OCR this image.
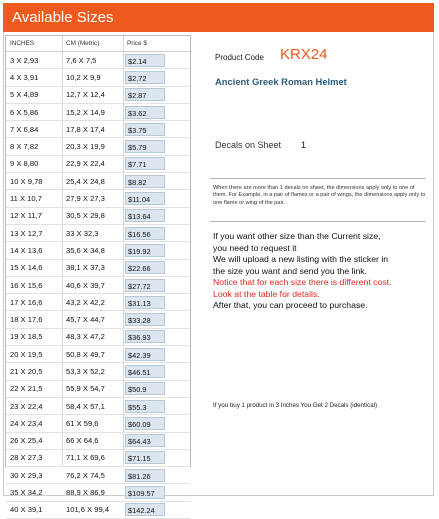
Available Sizes
INCHES	CM (Metric)	Price $
3 X 2,93	7,6 X 7,5	$2.14
4 X 3,91	10,2 X 9,9	$2.72
5 X 4,89	12,7 X 12,4	$2.87
6 X 5,86	15,2 X 14,9	$3.62
7 X 6,84	17,8 X 17,4	$3.75
8 X 7,82	20,3 X 19,9	$5.79
9 X 8,80	22,9 X 22,4	$7.71
10 X 9,78	25,4 X 24,8	$8.82
11 X 10,7	27,9 X 27,3	$11.04
12 X 11,7	30,5 X 29,8	$13.64
13 X 12,7	33 X 32,3	$16.56
14 X 13,6	35,6 X 34,8	$19.92
15 X 14,6	38,1 X 37,3	$22.66
16 X 15,6	40,6 X 39,7	$27.72
17 X 16,6	43,2 X 42,2	$31.13
18 X 17,6	45,7 X 44,7	$33.28
19 X 18,5	48,3 X 47,2	$36.93
20 X 19,5	50,8 X 49,7	$42.39
21 X 20,5	53,3 X 52,2	$46.51
22 X 21,5	55,9 X 54,7	$50.9
23 X 22,4	58,4 X 57,1	$55.3
24 X 23,4	61 X 59,6	$60.09
26 X 25,4	66 X 64,6	$64.43
28 X 27,3	71,1 X 69,6	$71.15
30 X 29,3	76,2 X 74,5	$81.26
35 X 34,2	88,9 X 86,9	$109.57
40 X 39,1	101,6 X 99,4	$142.24
Product Code KRX24
Ancient Greek Roman Helmet
Decals on Sheet 1
When there are more than 1 decals on sheet, the dimensions apply only to one of them. For Example, in a pair of flames or a pair of wings, the dimensions apply only to one flame or wing of the pair.
If you want other size than the Current size,
you need to request it
We will upload a new listing with the sticker in
the size you want and send you the link.
Notice that for each size there is different cost.
Look at the table for details.
After that, you can proceed to purchase.
If you buy 1 product in 3 Inches You Get 2 Decals (identical)
